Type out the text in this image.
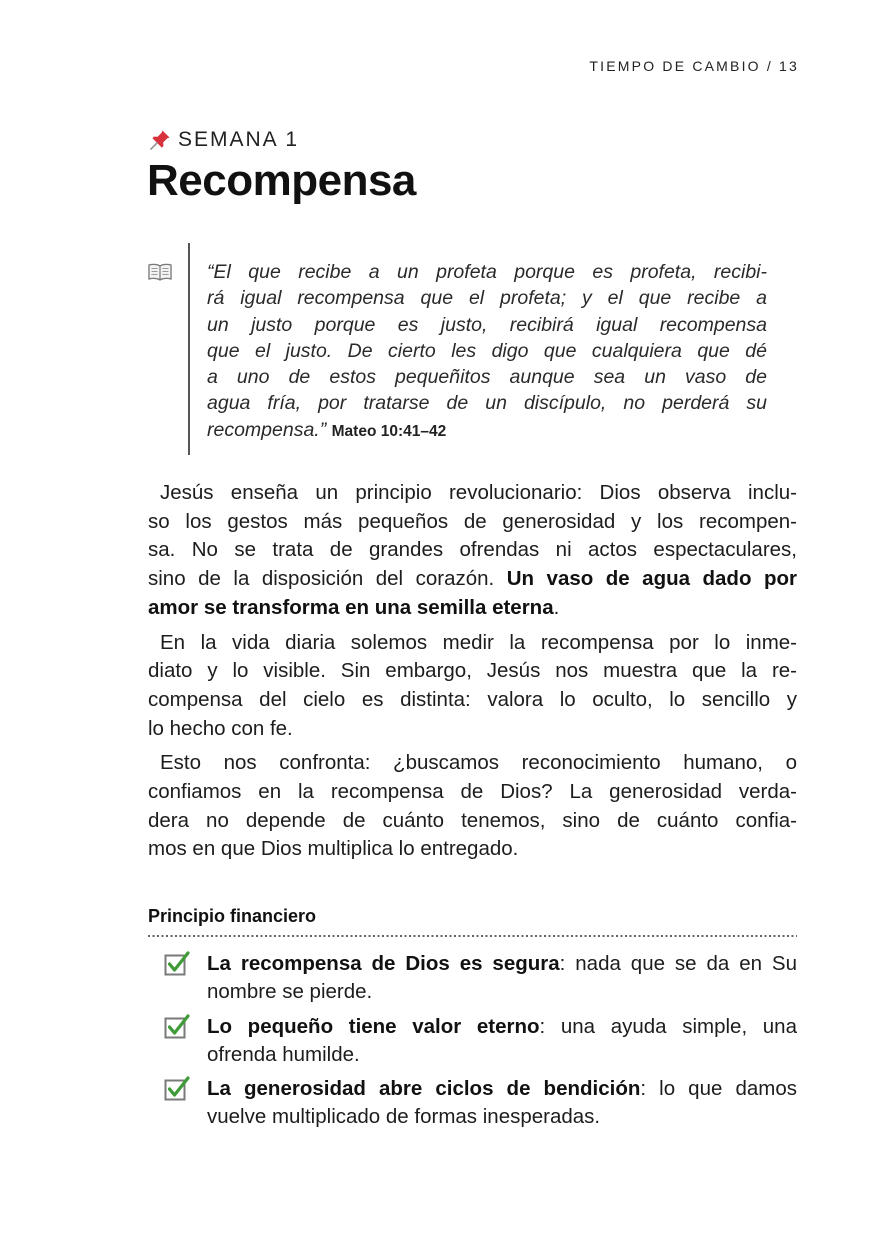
TIEMPO DE CAMBIO / 13
SEMANA 1
Recompensa
“El que recibe a un profeta porque es profeta, recibi-
rá igual recompensa que el profeta; y el que recibe a
un justo porque es justo, recibirá igual recompensa
que el justo. De cierto les digo que cualquiera que dé
a uno de estos pequeñitos aunque sea un vaso de
agua fría, por tratarse de un discípulo, no perderá su
recompensa.” Mateo 10:41–42
Jesús enseña un principio revolucionario: Dios observa inclu-
so los gestos más pequeños de generosidad y los recompen-
sa. No se trata de grandes ofrendas ni actos espectaculares,
sino de la disposición del corazón. Un vaso de agua dado por
amor se transforma en una semilla eterna.
En la vida diaria solemos medir la recompensa por lo inme-
diato y lo visible. Sin embargo, Jesús nos muestra que la re-
compensa del cielo es distinta: valora lo oculto, lo sencillo y
lo hecho con fe.
Esto nos confronta: ¿buscamos reconocimiento humano, o
confiamos en la recompensa de Dios? La generosidad verda-
dera no depende de cuánto tenemos, sino de cuánto confia-
mos en que Dios multiplica lo entregado.
Principio financiero
La recompensa de Dios es segura: nada que se da en Su
nombre se pierde.
Lo pequeño tiene valor eterno: una ayuda simple, una
ofrenda humilde.
La generosidad abre ciclos de bendición: lo que damos
vuelve multiplicado de formas inesperadas.
